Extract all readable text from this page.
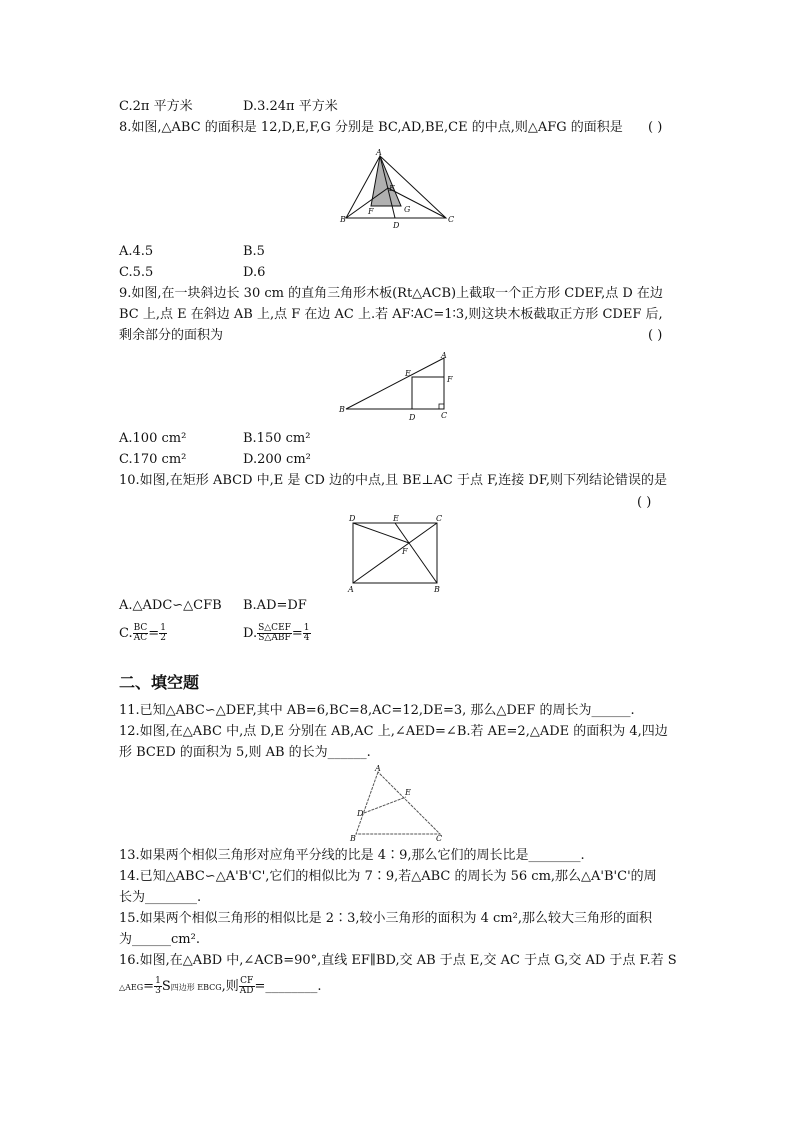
C.2π 平方米	D.3.24π 平方米
8.如图,△ABC 的面积是 12,D,E,F,G 分别是 BC,AD,BE,CE 的中点,则△AFG 的面积是 ( )
A
B	C
D
E
F	G
A.4.5	B.5
C.5.5	D.6
9.如图,在一块斜边长 30 cm 的直角三角形木板(Rt△ACB)上截取一个正方形 CDEF,点 D 在边
BC 上,点 E 在斜边 AB 上,点 F 在边 AC 上.若 AF∶AC=1∶3,则这块木板截取正方形 CDEF 后,
剩余部分的面积为	( )
A
B
C
D
E
F
A.100 cm²	B.150 cm²
C.170 cm²	D.200 cm²
10.如图,在矩形 ABCD 中,E 是 CD 边的中点,且 BE⊥AC 于点 F,连接 DF,则下列结论错误的是
( )
D	E	C
A	B
F
A.△ADC∽△CFB B.AD=DF
C. $\frac{BC}{AC} = \frac{1}{2}$	D. $\frac{\text{S△CEF}}{\text{S△ABF}} = \frac{1}{4}$
二、填空题
11.已知△ABC∽△DEF,其中 AB=6,BC=8,AC=12,DE=3, 那么△DEF 的周长为______.
12.如图,在△ABC 中,点 D,E 分别在 AB,AC 上,∠AED=∠B.若 AE=2,△ADE 的面积为 4,四边
形 BCED 的面积为 5,则 AB 的长为______.
A
B	C
D
E
13.如果两个相似三角形对应角平分线的比是 4∶9,那么它们的周长比是________.
14.已知△ABC∽△A'B'C',它们的相似比为 7∶9,若△ABC 的周长为 56 cm,那么△A'B'C'的周
长为________.
15.如果两个相似三角形的相似比是 2∶3,较小三角形的面积为 4 cm²,那么较大三角形的面积
为______cm².
16.如图,在△ABD 中,∠ACB=90°,直线 EF∥BD,交 AB 于点 E,交 AC 于点 G,交 AD 于点 F.若 S
△AEG= $\frac{1}{3}$ S四边形 EBCG,则 $\frac{CF}{AD}$ =________.
